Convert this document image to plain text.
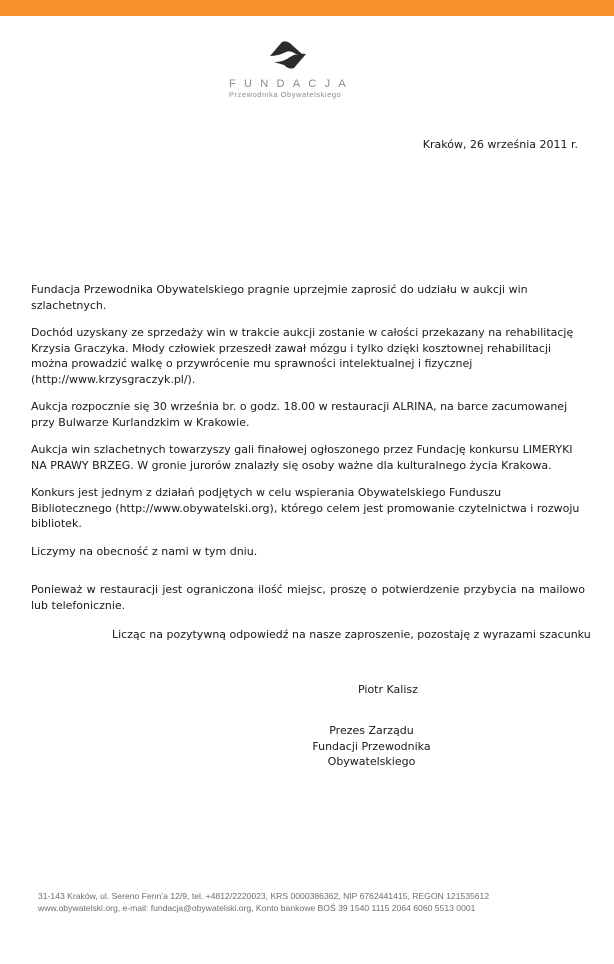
FUNDACJA
Przewodnika Obywatelskiego
Kraków, 26 września 2011 r.

Fundacja Przewodnika Obywatelskiego pragnie uprzejmie zaprosić do udziału w aukcji win szlachetnych.

Dochód uzyskany ze sprzedaży win w trakcie aukcji zostanie w całości przekazany na rehabilitację Krzysia Graczyka. Młody człowiek przeszedł zawał mózgu i tylko dzięki kosztownej rehabilitacji można prowadzić walkę o przywrócenie mu sprawności intelektualnej i fizycznej (http://www.krzysgraczyk.pl/).

Aukcja rozpocznie się 30 września br. o godz. 18.00 w restauracji ALRINA, na barce zacumowanej przy Bulwarze Kurlandzkim w Krakowie.

Aukcja win szlachetnych towarzyszy gali finałowej ogłoszonego przez Fundację konkursu LIMERYKI NA PRAWY BRZEG. W gronie jurorów znalazły się osoby ważne dla kulturalnego życia Krakowa.

Konkurs jest jednym z działań podjętych w celu wspierania Obywatelskiego Funduszu Bibliotecznego (http://www.obywatelski.org), którego celem jest promowanie czytelnictwa i rozwoju bibliotek.

Liczymy na obecność z nami w tym dniu.

Ponieważ w restauracji jest ograniczona ilość miejsc, proszę o potwierdzenie przybycia na mailowo lub telefonicznie.

Licząc na pozytywną odpowiedź na nasze zaproszenie, pozostaję z wyrazami szacunku
Piotr Kalisz
Prezes Zarządu
Fundacji Przewodnika Obywatelskiego
31-143 Kraków, ul. Sereno Fenn’a 12/9, tel. +4812/2220023, KRS 0000386362, NIP 6762441415, REGON 121535612
www.obywatelski.org, e-mail: fundacja@obywatelski.org, Konto bankowe BOŚ 39 1540 1115 2064 6060 5513 0001
